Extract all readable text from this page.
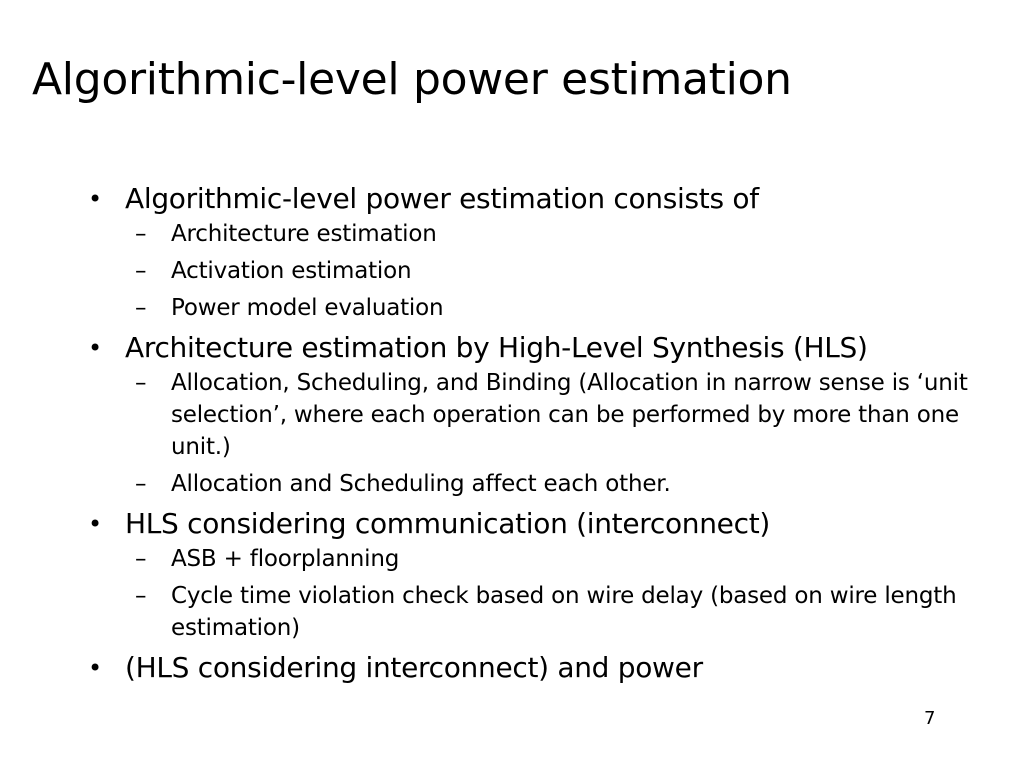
Algorithmic-level power estimation
• Algorithmic-level power estimation consists of
– Architecture estimation
– Activation estimation
– Power model evaluation
• Architecture estimation by High-Level Synthesis (HLS)
– Allocation, Scheduling, and Binding (Allocation in narrow sense is ‘unit selection’, where each operation can be performed by more than one unit.)
– Allocation and Scheduling affect each other.
• HLS considering communication (interconnect)
– ASB + floorplanning
– Cycle time violation check based on wire delay (based on wire length estimation)
• (HLS considering interconnect) and power
7
